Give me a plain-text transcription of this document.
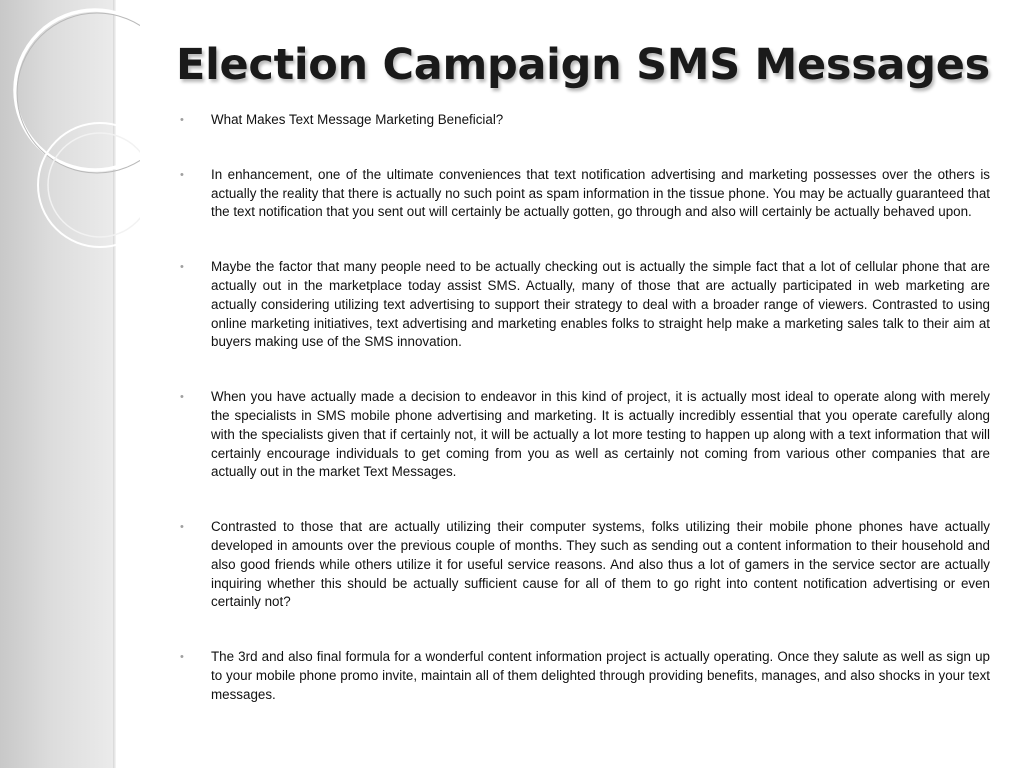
Election Campaign SMS Messages
• What Makes Text Message Marketing Beneficial?
• In enhancement, one of the ultimate conveniences that text notification advertising and marketing possesses over the others is actually the reality that there is actually no such point as spam information in the tissue phone. You may be actually guaranteed that the text notification that you sent out will certainly be actually gotten, go through and also will certainly be actually behaved upon.
• Maybe the factor that many people need to be actually checking out is actually the simple fact that a lot of cellular phone that are actually out in the marketplace today assist SMS. Actually, many of those that are actually participated in web marketing are actually considering utilizing text advertising to support their strategy to deal with a broader range of viewers. Contrasted to using online marketing initiatives, text advertising and marketing enables folks to straight help make a marketing sales talk to their aim at buyers making use of the SMS innovation.
• When you have actually made a decision to endeavor in this kind of project, it is actually most ideal to operate along with merely the specialists in SMS mobile phone advertising and marketing. It is actually incredibly essential that you operate carefully along with the specialists given that if certainly not, it will be actually a lot more testing to happen up along with a text information that will certainly encourage individuals to get coming from you as well as certainly not coming from various other companies that are actually out in the market Text Messages.
• Contrasted to those that are actually utilizing their computer systems, folks utilizing their mobile phone phones have actually developed in amounts over the previous couple of months. They such as sending out a content information to their household and also good friends while others utilize it for useful service reasons. And also thus a lot of gamers in the service sector are actually inquiring whether this should be actually sufficient cause for all of them to go right into content notification advertising or even certainly not?
• The 3rd and also final formula for a wonderful content information project is actually operating. Once they salute as well as sign up to your mobile phone promo invite, maintain all of them delighted through providing benefits, manages, and also shocks in your text messages.
